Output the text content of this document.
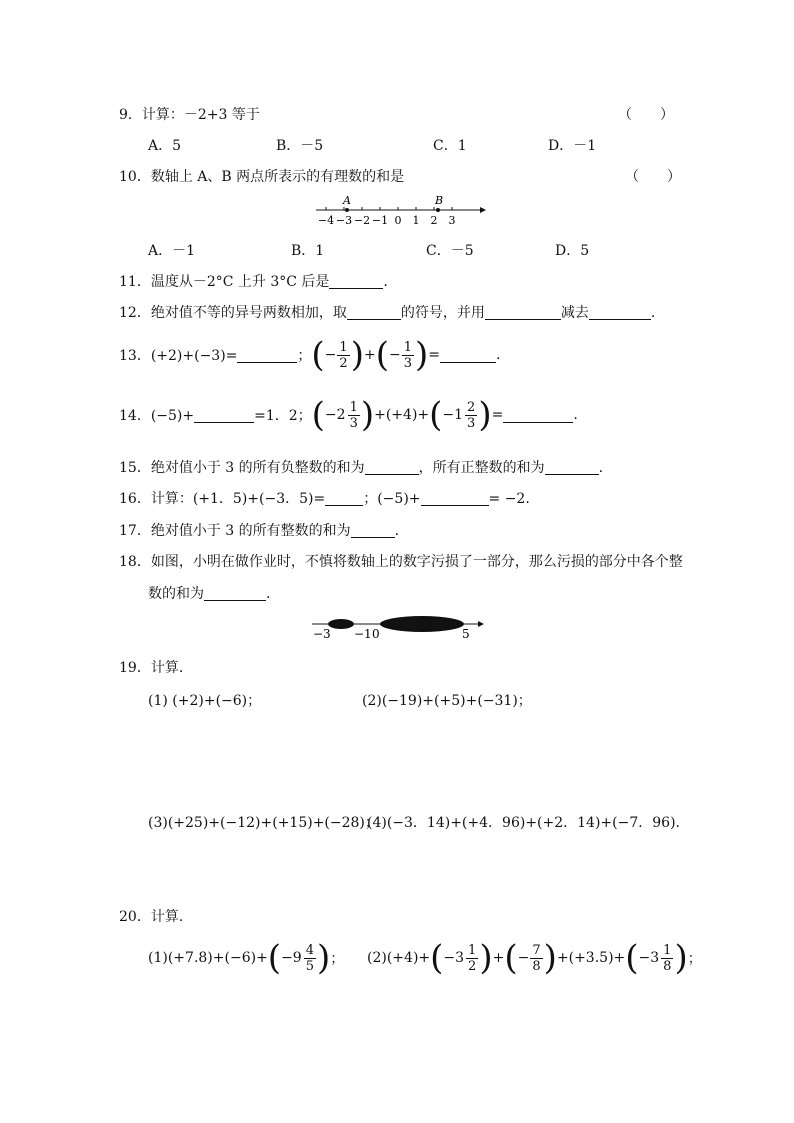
9．计算：－2+3 等于	（　　）
A．5	B．－5	C．1	D．－1
10．数轴上 A、B 两点所表示的有理数的和是	（　　）
−4 −3 −2 −1 0 1 2 3
A	B
A．－1	B．1	C．－5	D．5
11．温度从－2°C 上升 3°C 后是	.
12．绝对值不等的异号两数相加，取	的符号，并用	减去	.
13．(+2)+(−3)=	； ( − $\frac{1}{2}$ ) + ( − $\frac{1}{3}$ ) =	.
14．(−5)+	=1．2； ( $-2 \frac{1}{3}$ ) + (+4) + ( $-1 \frac{2}{3}$ ) =	.
15．绝对值小于 3 的所有负整数的和为	，所有正整数的和为	.
16．计算：(+1．5)+(−3．5)=	；(−5)+	= −2.
17．绝对值小于 3 的所有整数的和为	.
18．如图，小明在做作业时，不慎将数轴上的数字污损了一部分，那么污损的部分中各个整
数的和为	.
−3 −1 0	5
19．计算.
(1) (+2)+(−6)；	(2)(−19)+(+5)+(−31)；
(3)(+25)+(−12)+(+15)+(−28)；
(4)(−3．14)+(+4．96)+(+2．14)+(−7．96)．
20．计算.
(1) (+7.8) + (−6) + ( $-9 \frac{4}{5}$ ) ； (2) (+4) + ( $-3 \frac{1}{2}$ ) + ( − $\frac{7}{8}$ ) + (+3.5) + ( $-3 \frac{1}{8}$ ) ；
